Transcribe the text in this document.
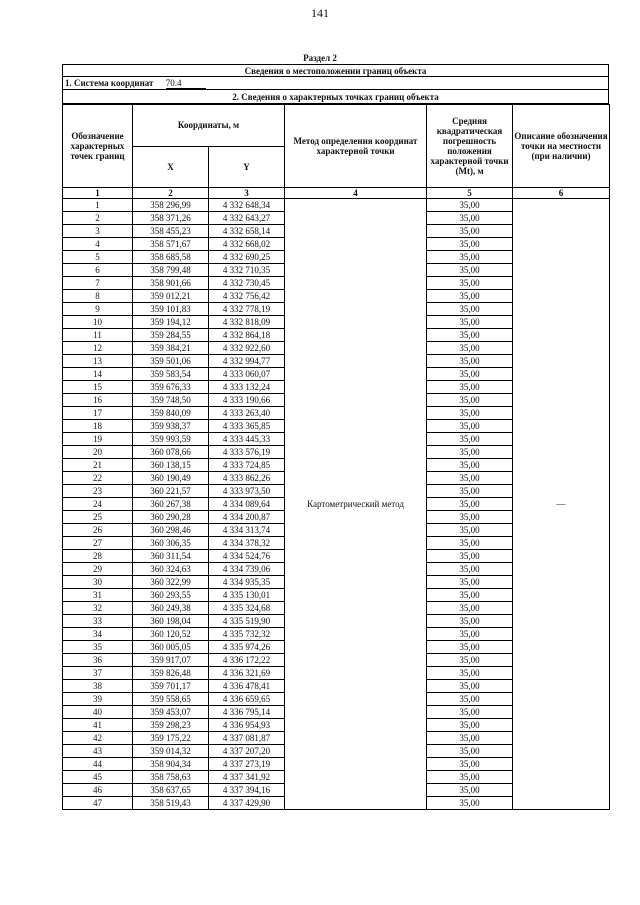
141
Раздел 2
Сведения о местоположении границ объекта
1. Система координат 70.4
2. Сведения о характерных точках границ объекта
Обозначение характерных точек границ	Координаты, м		Метод определения координат характерной точки	Средняя квадратическая погрешность положения характерной точки (Mt), м	Описание обозначения точки на местности (при наличии)
	X	Y			
1	2	3	4	5	6
1	358 296,99	4 332 648,34	Картометрический метод	35,00	—
2	358 371,26	4 332 643,27		35,00	
3	358 455,23	4 332 658,14		35,00	
4	358 571,67	4 332 668,02		35,00	
5	358 685,58	4 332 690,25		35,00	
6	358 799,48	4 332 710,35		35,00	
7	358 901,66	4 332 730,45		35,00	
8	359 012,21	4 332 756,42		35,00	
9	359 101,83	4 332 778,19		35,00	
10	359 194,12	4 332 818,09		35,00	
11	359 284,55	4 332 864,18		35,00	
12	359 384,21	4 332 922,60		35,00	
13	359 501,06	4 332 994,77		35,00	
14	359 583,54	4 333 060,07		35,00	
15	359 676,33	4 333 132,24		35,00	
16	359 748,50	4 333 190,66		35,00	
17	359 840,09	4 333 263,40		35,00	
18	359 938,37	4 333 365,85		35,00	
19	359 993,59	4 333 445,33		35,00	
20	360 078,66	4 333 576,19		35,00	
21	360 138,15	4 333 724,85		35,00	
22	360 190,49	4 333 862,26		35,00	
23	360 221,57	4 333 973,50		35,00	
24	360 267,38	4 334 089,64		35,00	
25	360 290,28	4 334 200,87		35,00	
26	360 298,46	4 334 313,74		35,00	
27	360 306,35	4 334 378,32		35,00	
28	360 311,54	4 334 524,76		35,00	
29	360 324,63	4 334 739,06		35,00	
30	360 322,99	4 334 935,35		35,00	
31	360 293,55	4 335 130,01		35,00	
32	360 249,38	4 335 324,68		35,00	
33	360 198,04	4 335 519,90		35,00	
34	360 120,52	4 335 732,32		35,00	
35	360 005,05	4 335 974,26		35,00	
36	359 917,07	4 336 172,22		35,00	
37	359 826,48	4 336 321,69		35,00	
38	359 701,17	4 336 478,41		35,00	
39	359 558,65	4 336 659,65		35,00	
40	359 453,07	4 336 795,14		35,00	
41	359 298,23	4 336 954,93		35,00	
42	359 175,22	4 337 081,87		35,00	
43	359 014,32	4 337 207,20		35,00	
44	358 904,34	4 337 273,19		35,00	
45	358 758,63	4 337 341,92		35,00	
46	358 637,65	4 337 394,16		35,00	
47	358 519,43	4 337 429,90		35,00	
